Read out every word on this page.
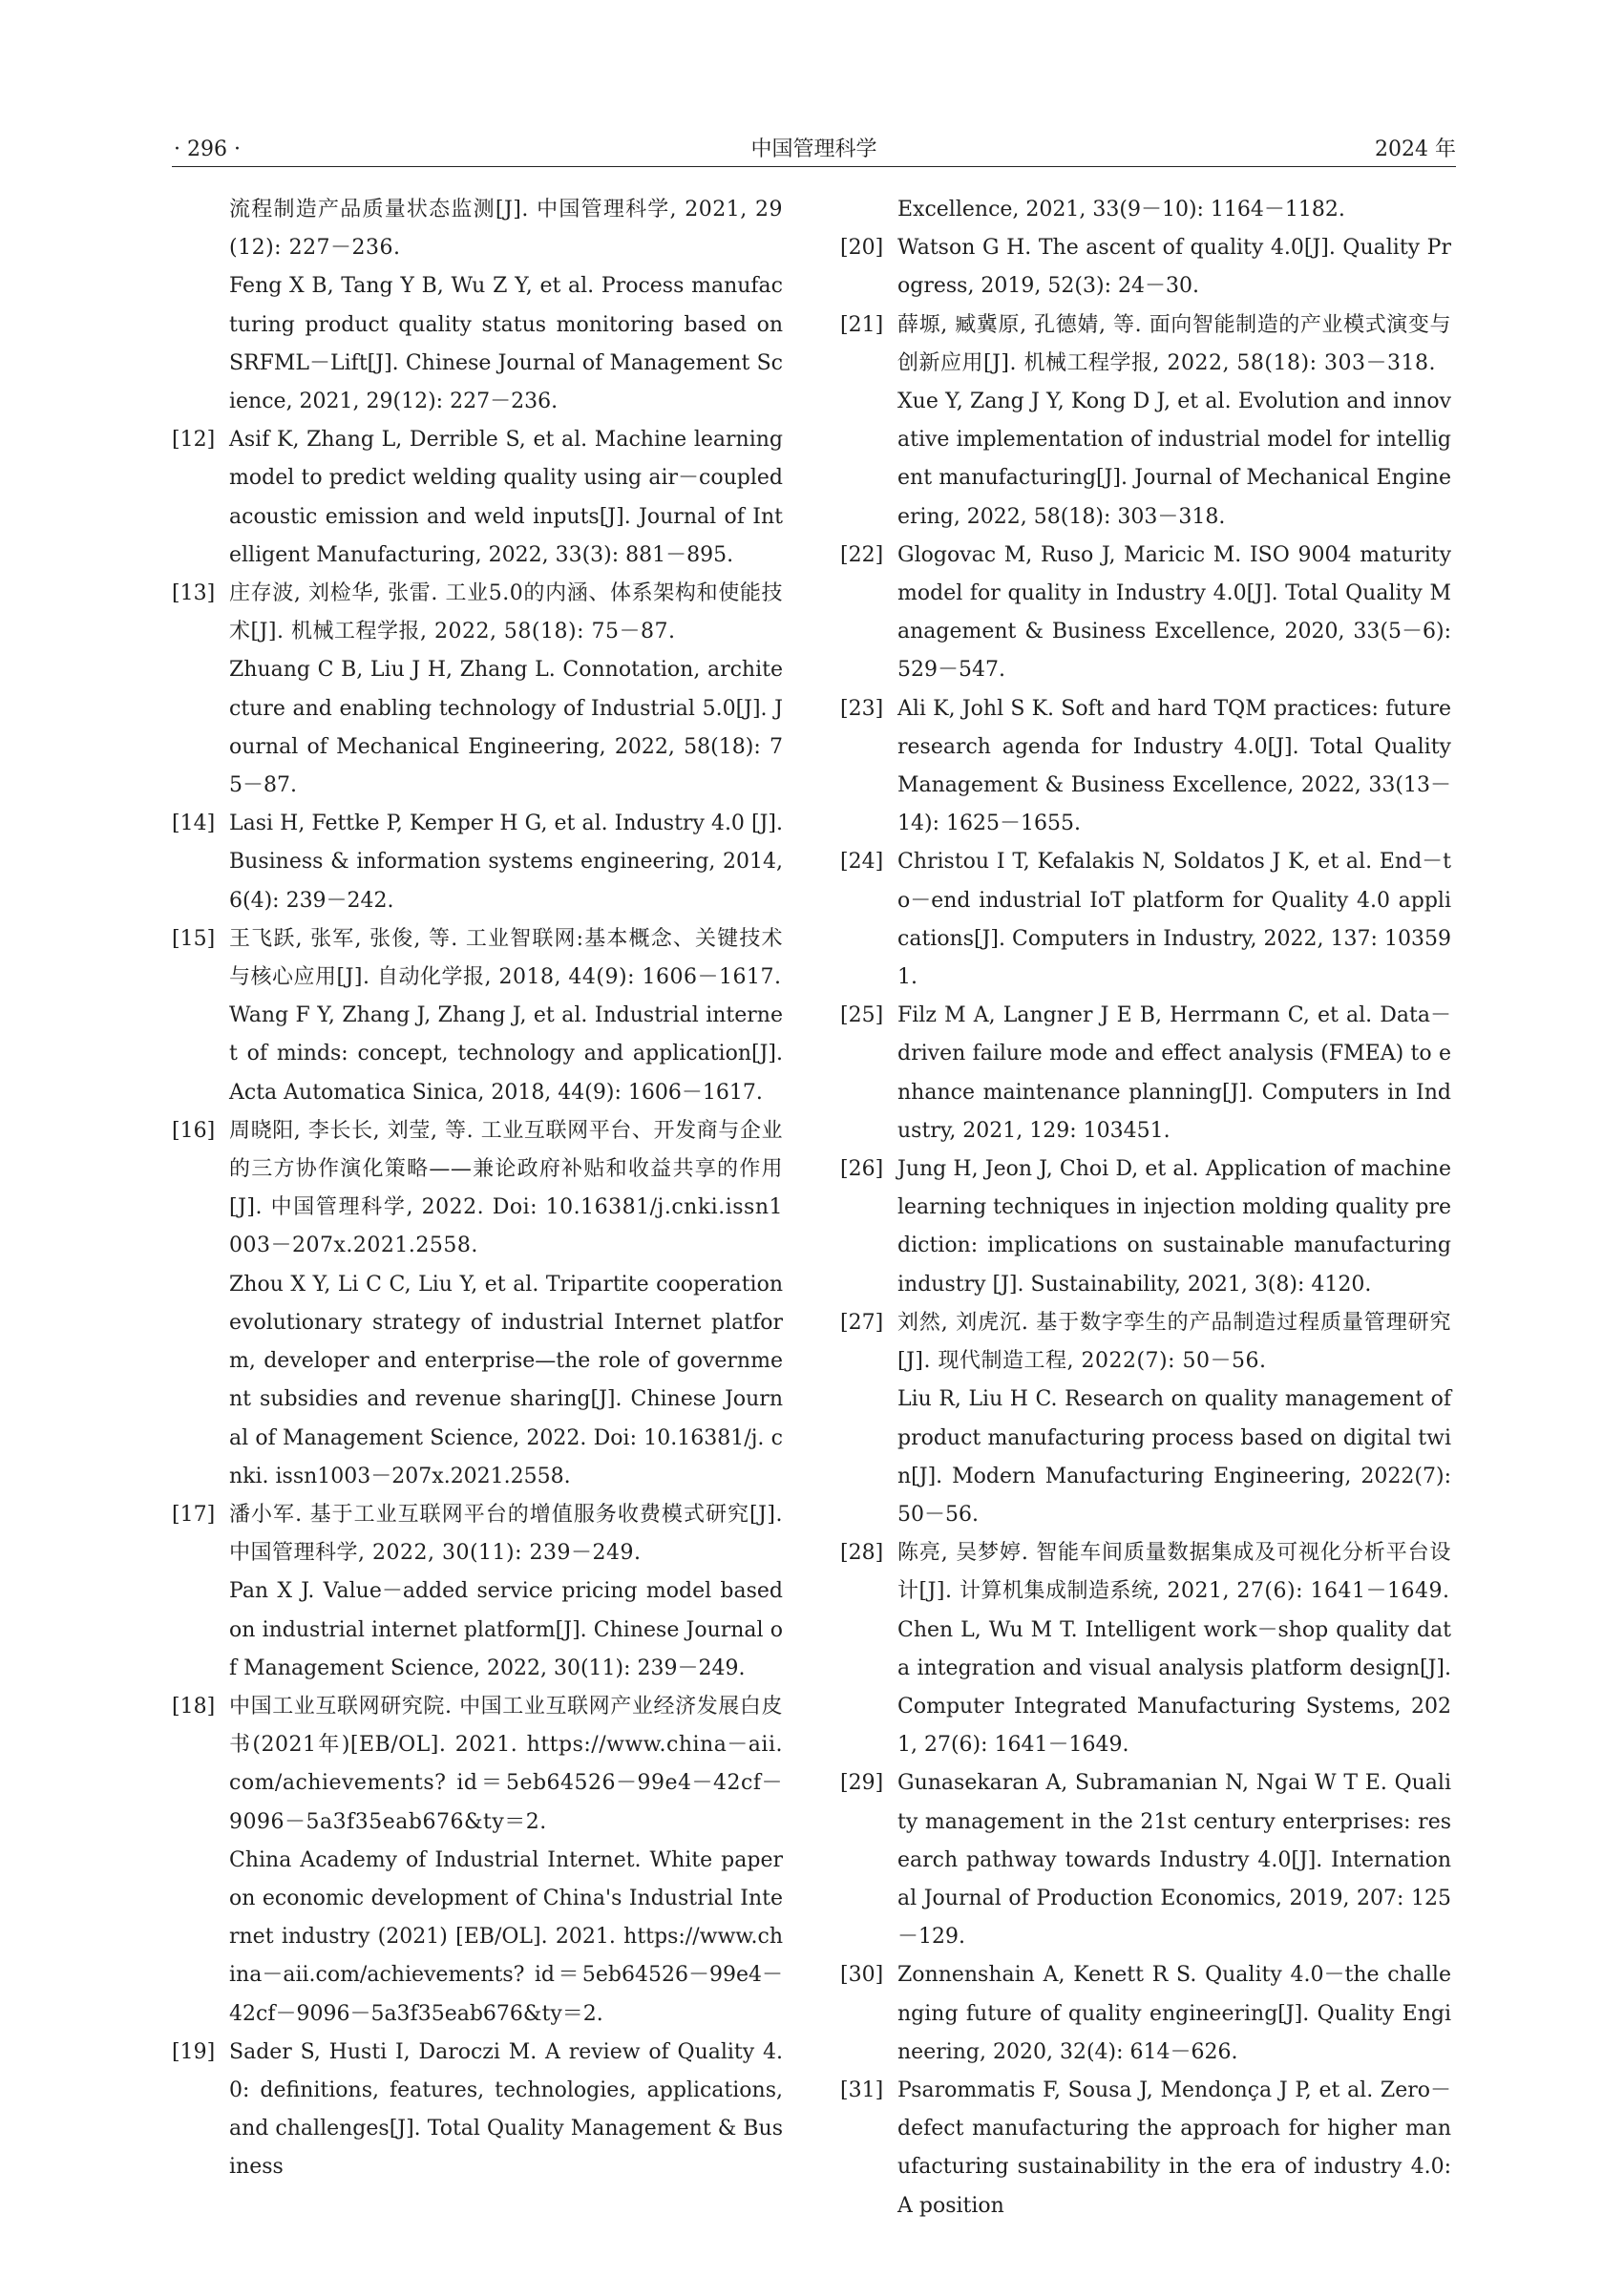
中国管理科学
· 296 ·	2024 年
流程制造产品质量状态监测[J]. 中国管理科学, 2021, 29(12): 227－236.
Feng X B, Tang Y B, Wu Z Y, et al. Process manufacturing product quality status monitoring based on SRFML－Lift[J]. Chinese Journal of Management Science, 2021, 29(12): 227－236.
[12] Asif K, Zhang L, Derrible S, et al. Machine learning model to predict welding quality using air－coupled acoustic emission and weld inputs[J]. Journal of Intelligent Manufacturing, 2022, 33(3): 881－895.
[13] 庄存波, 刘检华, 张雷. 工业5.0的内涵、体系架构和使能技术[J]. 机械工程学报, 2022, 58(18): 75－87.
Zhuang C B, Liu J H, Zhang L. Connotation, architecture and enabling technology of Industrial 5.0[J]. Journal of Mechanical Engineering, 2022, 58(18): 75－87.
[14] Lasi H, Fettke P, Kemper H G, et al. Industry 4.0 [J]. Business & information systems engineering, 2014, 6(4): 239－242.
[15] 王飞跃, 张军, 张俊, 等. 工业智联网:基本概念、关键技术与核心应用[J]. 自动化学报, 2018, 44(9): 1606－1617.
Wang F Y, Zhang J, Zhang J, et al. Industrial internet of minds: concept, technology and application[J]. Acta Automatica Sinica, 2018, 44(9): 1606－1617.
[16] 周晓阳, 李长长, 刘莹, 等. 工业互联网平台、开发商与企业的三方协作演化策略——兼论政府补贴和收益共享的作用[J]. 中国管理科学, 2022. Doi: 10.16381/j.cnki.issn1003－207x.2021.2558.
Zhou X Y, Li C C, Liu Y, et al. Tripartite cooperation evolutionary strategy of industrial Internet platform, developer and enterprise—the role of government subsidies and revenue sharing[J]. Chinese Journal of Management Science, 2022. Doi: 10.16381/j. cnki. issn1003－207x.2021.2558.
[17] 潘小军. 基于工业互联网平台的增值服务收费模式研究[J]. 中国管理科学, 2022, 30(11): 239－249.
Pan X J. Value－added service pricing model based on industrial internet platform[J]. Chinese Journal of Management Science, 2022, 30(11): 239－249.
[18] 中国工业互联网研究院. 中国工业互联网产业经济发展白皮书(2021年)[EB/OL]. 2021. https://www.china－aii.com/achievements? id＝5eb64526－99e4－42cf－9096－5a3f35eab676&ty＝2.
China Academy of Industrial Internet. White paper on economic development of China's Industrial Internet industry (2021) [EB/OL]. 2021. https://www.china－aii.com/achievements? id＝5eb64526－99e4－42cf－9096－5a3f35eab676&ty＝2.
[19] Sader S, Husti I, Daroczi M. A review of Quality 4.0: definitions, features, technologies, applications, and challenges[J]. Total Quality Management & Business
Excellence, 2021, 33(9－10): 1164－1182.
[20] Watson G H. The ascent of quality 4.0[J]. Quality Progress, 2019, 52(3): 24－30.
[21] 薛塬, 臧冀原, 孔德婧, 等. 面向智能制造的产业模式演变与创新应用[J]. 机械工程学报, 2022, 58(18): 303－318.
Xue Y, Zang J Y, Kong D J, et al. Evolution and innovative implementation of industrial model for intelligent manufacturing[J]. Journal of Mechanical Engineering, 2022, 58(18): 303－318.
[22] Glogovac M, Ruso J, Maricic M. ISO 9004 maturity model for quality in Industry 4.0[J]. Total Quality Management & Business Excellence, 2020, 33(5－6): 529－547.
[23] Ali K, Johl S K. Soft and hard TQM practices: future research agenda for Industry 4.0[J]. Total Quality Management & Business Excellence, 2022, 33(13－14): 1625－1655.
[24] Christou I T, Kefalakis N, Soldatos J K, et al. End－to－end industrial IoT platform for Quality 4.0 applications[J]. Computers in Industry, 2022, 137: 103591.
[25] Filz M A, Langner J E B, Herrmann C, et al. Data－driven failure mode and effect analysis (FMEA) to enhance maintenance planning[J]. Computers in Industry, 2021, 129: 103451.
[26] Jung H, Jeon J, Choi D, et al. Application of machine learning techniques in injection molding quality prediction: implications on sustainable manufacturing industry [J]. Sustainability, 2021, 3(8): 4120.
[27] 刘然, 刘虎沉. 基于数字孪生的产品制造过程质量管理研究[J]. 现代制造工程, 2022(7): 50－56.
Liu R, Liu H C. Research on quality management of product manufacturing process based on digital twin[J]. Modern Manufacturing Engineering, 2022(7): 50－56.
[28] 陈亮, 吴梦婷. 智能车间质量数据集成及可视化分析平台设计[J]. 计算机集成制造系统, 2021, 27(6): 1641－1649.
Chen L, Wu M T. Intelligent work－shop quality data integration and visual analysis platform design[J]. Computer Integrated Manufacturing Systems, 2021, 27(6): 1641－1649.
[29] Gunasekaran A, Subramanian N, Ngai W T E. Quality management in the 21st century enterprises: research pathway towards Industry 4.0[J]. International Journal of Production Economics, 2019, 207: 125－129.
[30] Zonnenshain A, Kenett R S. Quality 4.0－the challenging future of quality engineering[J]. Quality Engineering, 2020, 32(4): 614－626.
[31] Psarommatis F, Sousa J, Mendonça J P, et al. Zero－defect manufacturing the approach for higher manufacturing sustainability in the era of industry 4.0: A position
